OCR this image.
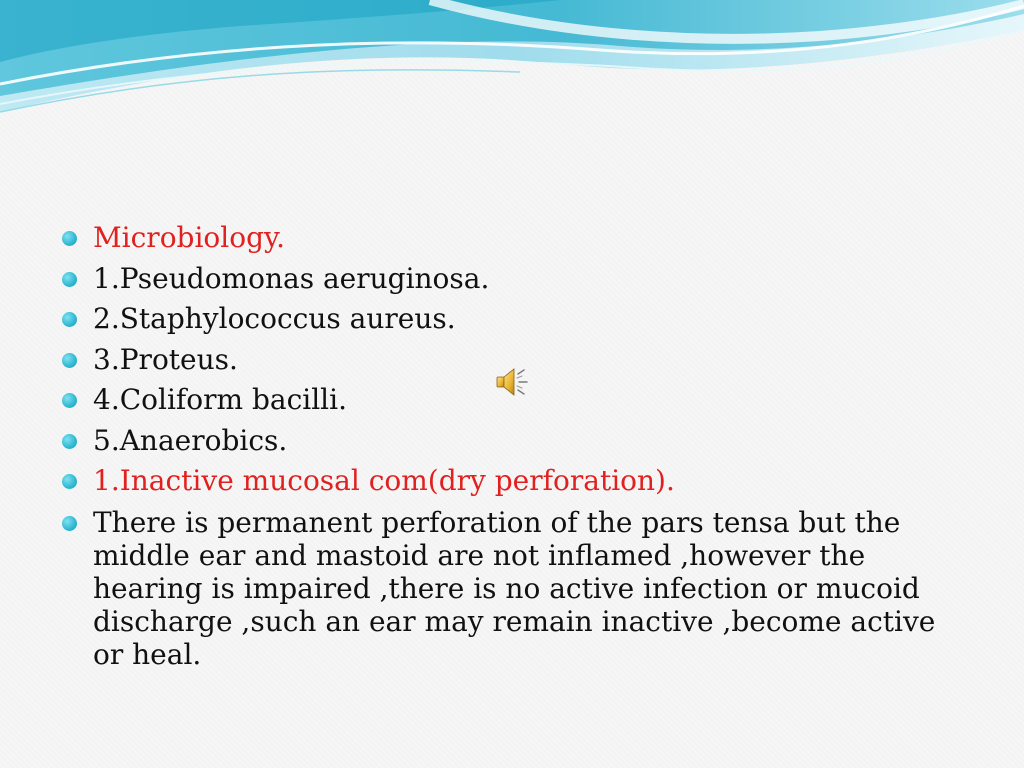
Microbiology.
1.Pseudomonas aeruginosa.
2.Staphylococcus aureus.
3.Proteus.
4.Coliform bacilli.
5.Anaerobics.
1.Inactive mucosal com(dry perforation).
There is permanent perforation of the pars tensa but the middle ear and mastoid are not inflamed ,however the hearing is impaired ,there is no active infection or mucoid discharge ,such an ear may remain inactive ,become active or heal.
